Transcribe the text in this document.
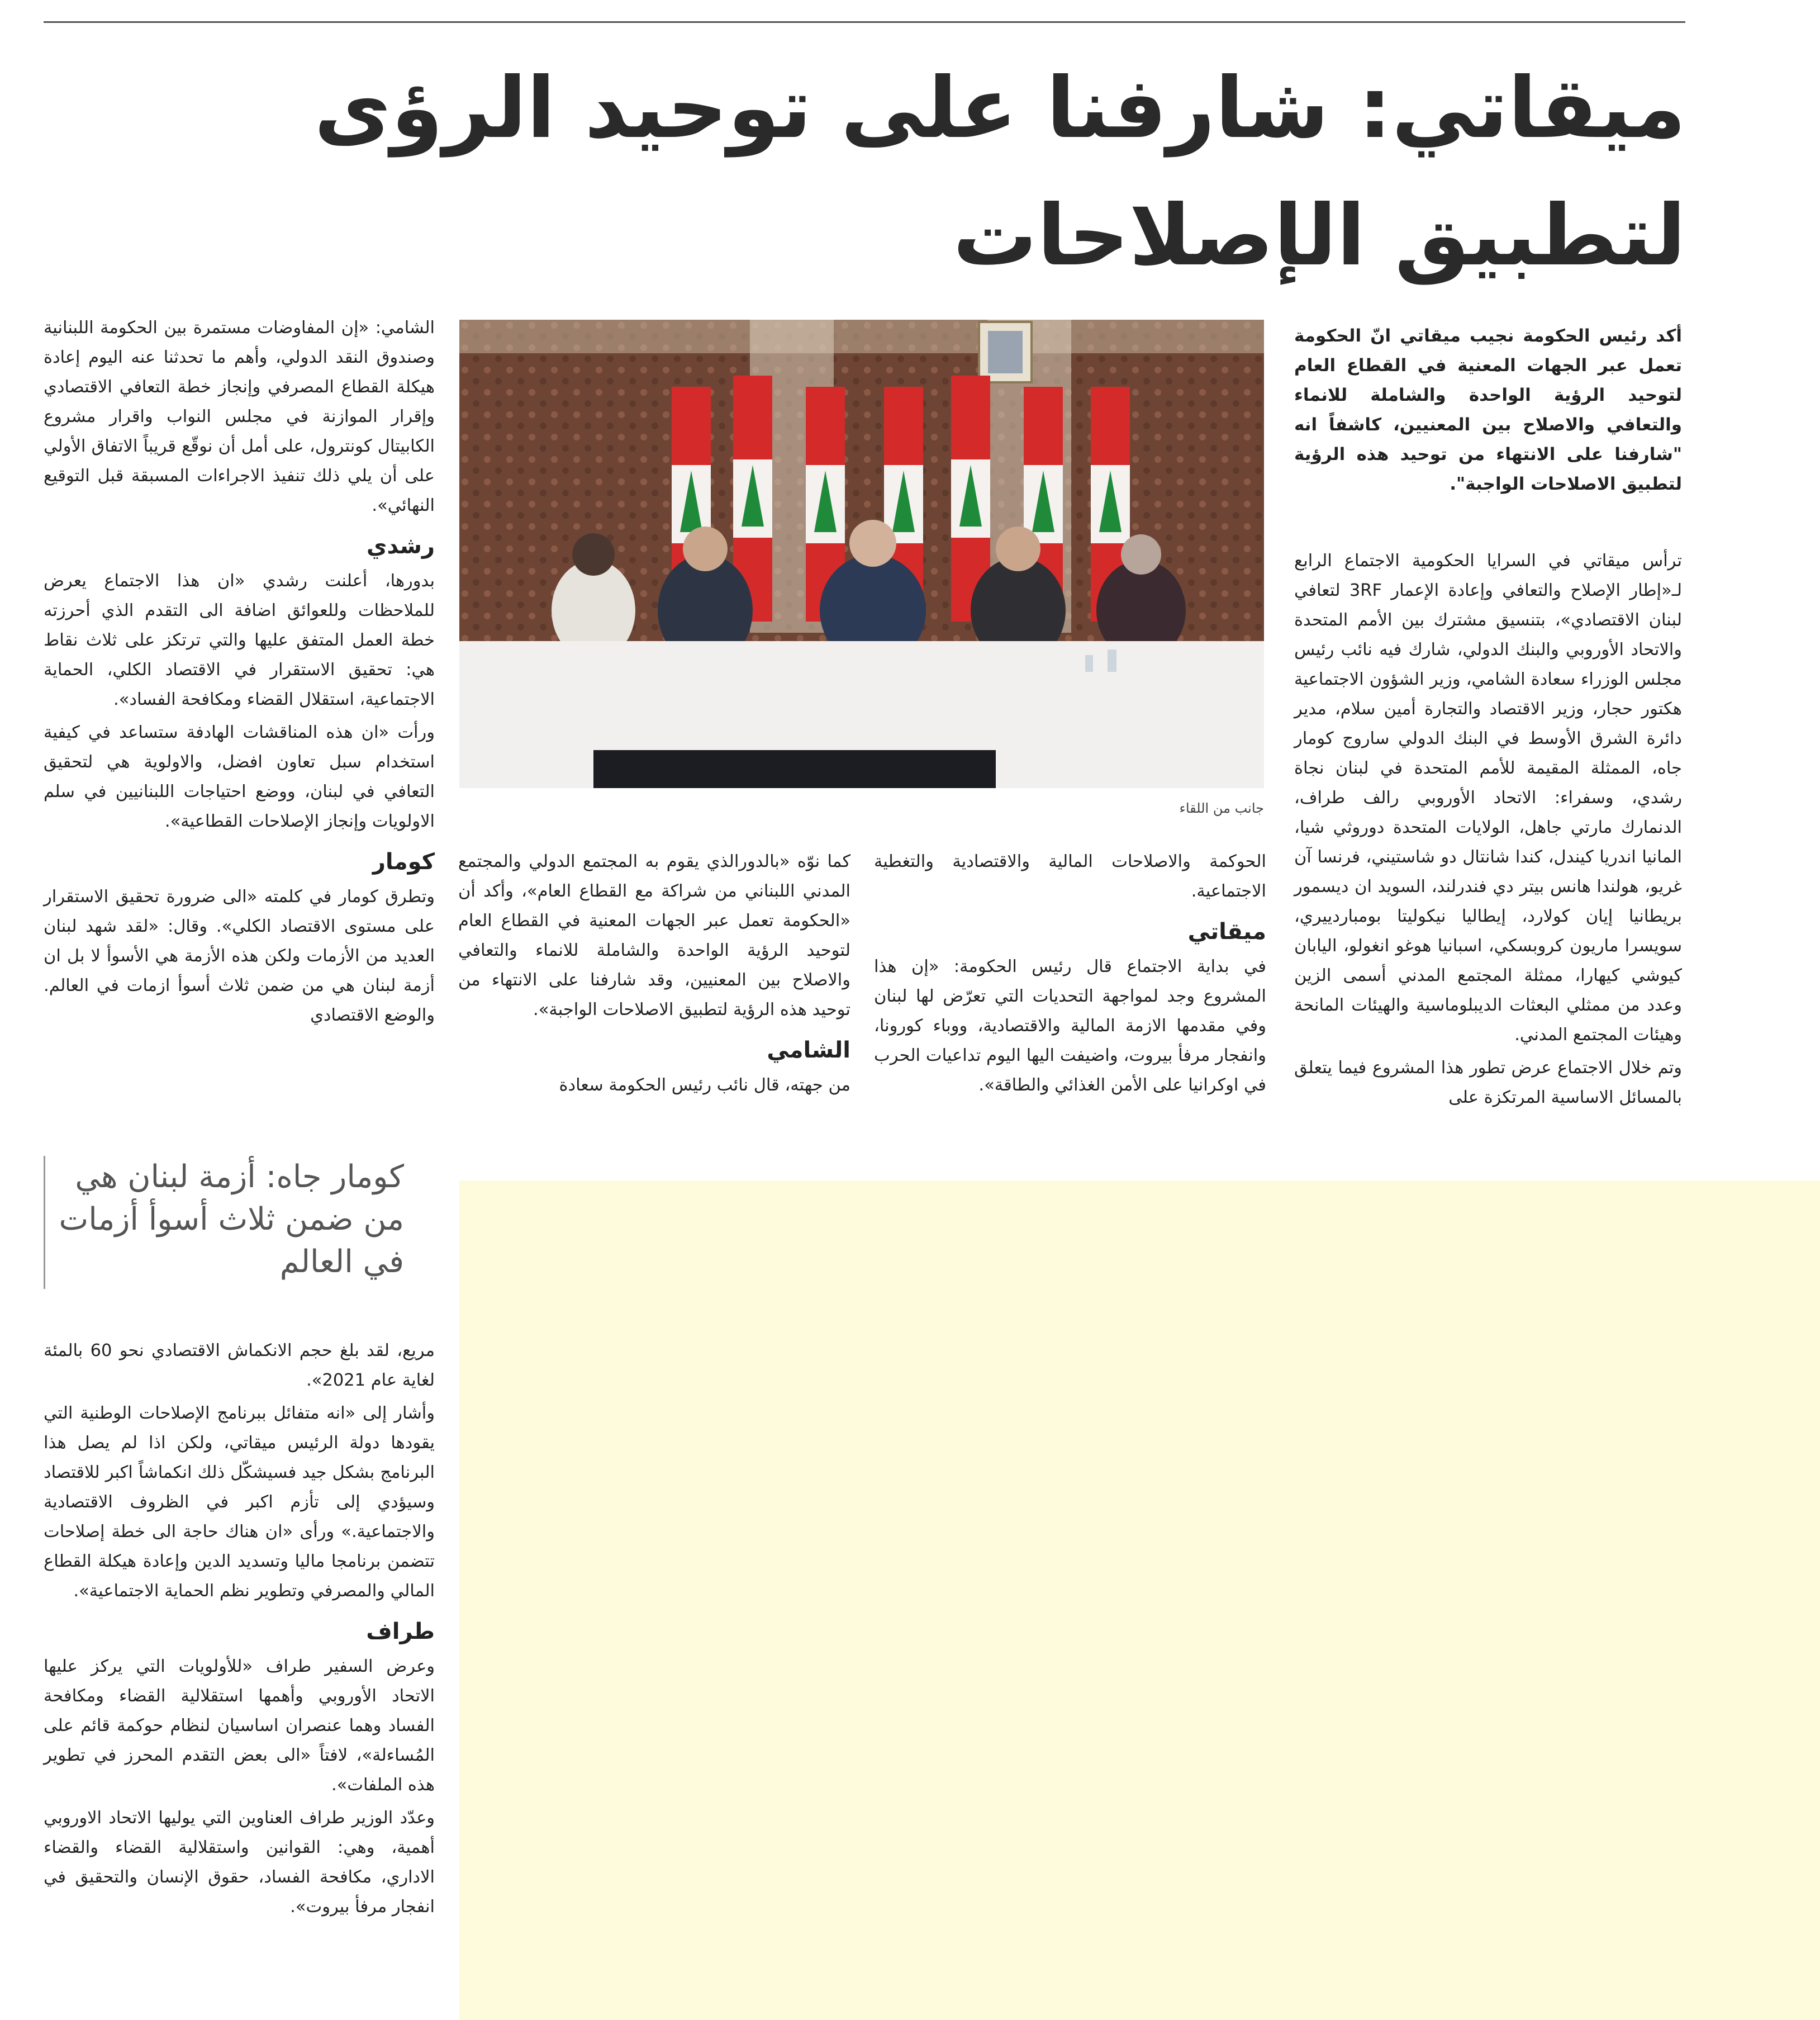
ميقاتي: شارفنا على توحيد الرؤى
لتطبيق الإصلاحات

أكد رئيس الحكومة نجيب ميقاتي انّ الحكومة تعمل عبر الجهات المعنية في القطاع العام لتوحيد الرؤية الواحدة والشاملة للانماء والتعافي والاصلاح بين المعنيين، كاشفاً انه "شارفنا على الانتهاء من توحيد هذه الرؤية لتطبيق الاصلاحات الواجبة".

ترأس ميقاتي في السرايا الحكومية الاجتماع الرابع لـ«إطار الإصلاح والتعافي وإعادة الإعمار 3RF لتعافي لبنان الاقتصادي»، بتنسيق مشترك بين الأمم المتحدة والاتحاد الأوروبي والبنك الدولي، شارك فيه نائب رئيس مجلس الوزراء سعادة الشامي، وزير الشؤون الاجتماعية هكتور حجار، وزير الاقتصاد والتجارة أمين سلام، مدير دائرة الشرق الأوسط في البنك الدولي ساروج كومار جاه، الممثلة المقيمة للأمم المتحدة في لبنان نجاة رشدي، وسفراء: الاتحاد الأوروبي رالف طراف، الدنمارك مارتي جاهل، الولايات المتحدة دوروثي شيا، المانيا اندريا كيندل، كندا شانتال دو شاستيني، فرنسا آن غريو، هولندا هانس بيتر دي فندرلند، السويد ان ديسمور بريطانيا إيان كولارد، إيطاليا نيكوليتا بومباردييري، سويسرا ماريون كروبسكي، اسبانيا هوغو انغولو، اليابان كيوشي كيهارا، ممثلة المجتمع المدني أسمى الزين وعدد من ممثلي البعثات الديبلوماسية والهيئات المانحة وهيئات المجتمع المدني.

وتم خلال الاجتماع عرض تطور هذا المشروع فيما يتعلق بالمسائل الاساسية المرتكزة على

جانب من اللقاء

الحوكمة والاصلاحات المالية والاقتصادية والتغطية الاجتماعية.

ميقاتي

في بداية الاجتماع قال رئيس الحكومة: «إن هذا المشروع وجد لمواجهة التحديات التي تعرّض لها لبنان وفي مقدمها الازمة المالية والاقتصادية، ووباء كورونا، وانفجار مرفأ بيروت، واضيفت اليها اليوم تداعيات الحرب في اوكرانيا على الأمن الغذائي والطاقة».

كما نوّه «بالدورالذي يقوم به المجتمع الدولي والمجتمع المدني اللبناني من شراكة مع القطاع العام»، وأكد أن «الحكومة تعمل عبر الجهات المعنية في القطاع العام لتوحيد الرؤية الواحدة والشاملة للانماء والتعافي والاصلاح بين المعنيين، وقد شارفنا على الانتهاء من توحيد هذه الرؤية لتطبيق الاصلاحات الواجبة».

الشامي

من جهته، قال نائب رئيس الحكومة سعادة

الشامي: «إن المفاوضات مستمرة بين الحكومة اللبنانية وصندوق النقد الدولي، وأهم ما تحدثنا عنه اليوم إعادة هيكلة القطاع المصرفي وإنجاز خطة التعافي الاقتصادي وإقرار الموازنة في مجلس النواب واقرار مشروع الكابيتال كونترول، على أمل أن نوقّع قريباً الاتفاق الأولي على أن يلي ذلك تنفيذ الاجراءات المسبقة قبل التوقيع النهائي».

رشدي

بدورها، أعلنت رشدي «ان هذا الاجتماع يعرض للملاحظات وللعوائق اضافة الى التقدم الذي أحرزته خطة العمل المتفق عليها والتي ترتكز على ثلاث نقاط هي: تحقيق الاستقرار في الاقتصاد الكلي، الحماية الاجتماعية، استقلال القضاء ومكافحة الفساد».

ورأت «ان هذه المناقشات الهادفة ستساعد في كيفية استخدام سبل تعاون افضل، والاولوية هي لتحقيق التعافي في لبنان، ووضع احتياجات اللبنانيين في سلم الاولويات وإنجاز الإصلاحات القطاعية».

كومار

وتطرق كومار في كلمته «الى ضرورة تحقيق الاستقرار على مستوى الاقتصاد الكلي». وقال: «لقد شهد لبنان العديد من الأزمات ولكن هذه الأزمة هي الأسوأ لا بل ان أزمة لبنان هي من ضمن ثلاث أسوأ ازمات في العالم. والوضع الاقتصادي

كومار جاه: أزمة لبنان هي من ضمن ثلاث أسوأ أزمات في العالم

مريع، لقد بلغ حجم الانكماش الاقتصادي نحو 60 بالمئة لغاية عام 2021».

وأشار إلى «انه متفائل ببرنامج الإصلاحات الوطنية التي يقودها دولة الرئيس ميقاتي، ولكن اذا لم يصل هذا البرنامج بشكل جيد فسيشكّل ذلك انكماشاً اكبر للاقتصاد وسيؤدي إلى تأزم اكبر في الظروف الاقتصادية والاجتماعية.» ورأى «ان هناك حاجة الى خطة إصلاحات تتضمن برنامجا ماليا وتسديد الدين وإعادة هيكلة القطاع المالي والمصرفي وتطوير نظم الحماية الاجتماعية».

طراف

وعرض السفير طراف «للأولويات التي يركز عليها الاتحاد الأوروبي وأهمها استقلالية القضاء ومكافحة الفساد وهما عنصران اساسيان لنظام حوكمة قائم على المُساءلة»، لافتاً «الى بعض التقدم المحرز في تطوير هذه الملفات».

وعدّد الوزير طراف العناوين التي يوليها الاتحاد الاوروبي أهمية، وهي: القوانين واستقلالية القضاء والقضاء الاداري، مكافحة الفساد، حقوق الإنسان والتحقيق في انفجار مرفأ بيروت».
